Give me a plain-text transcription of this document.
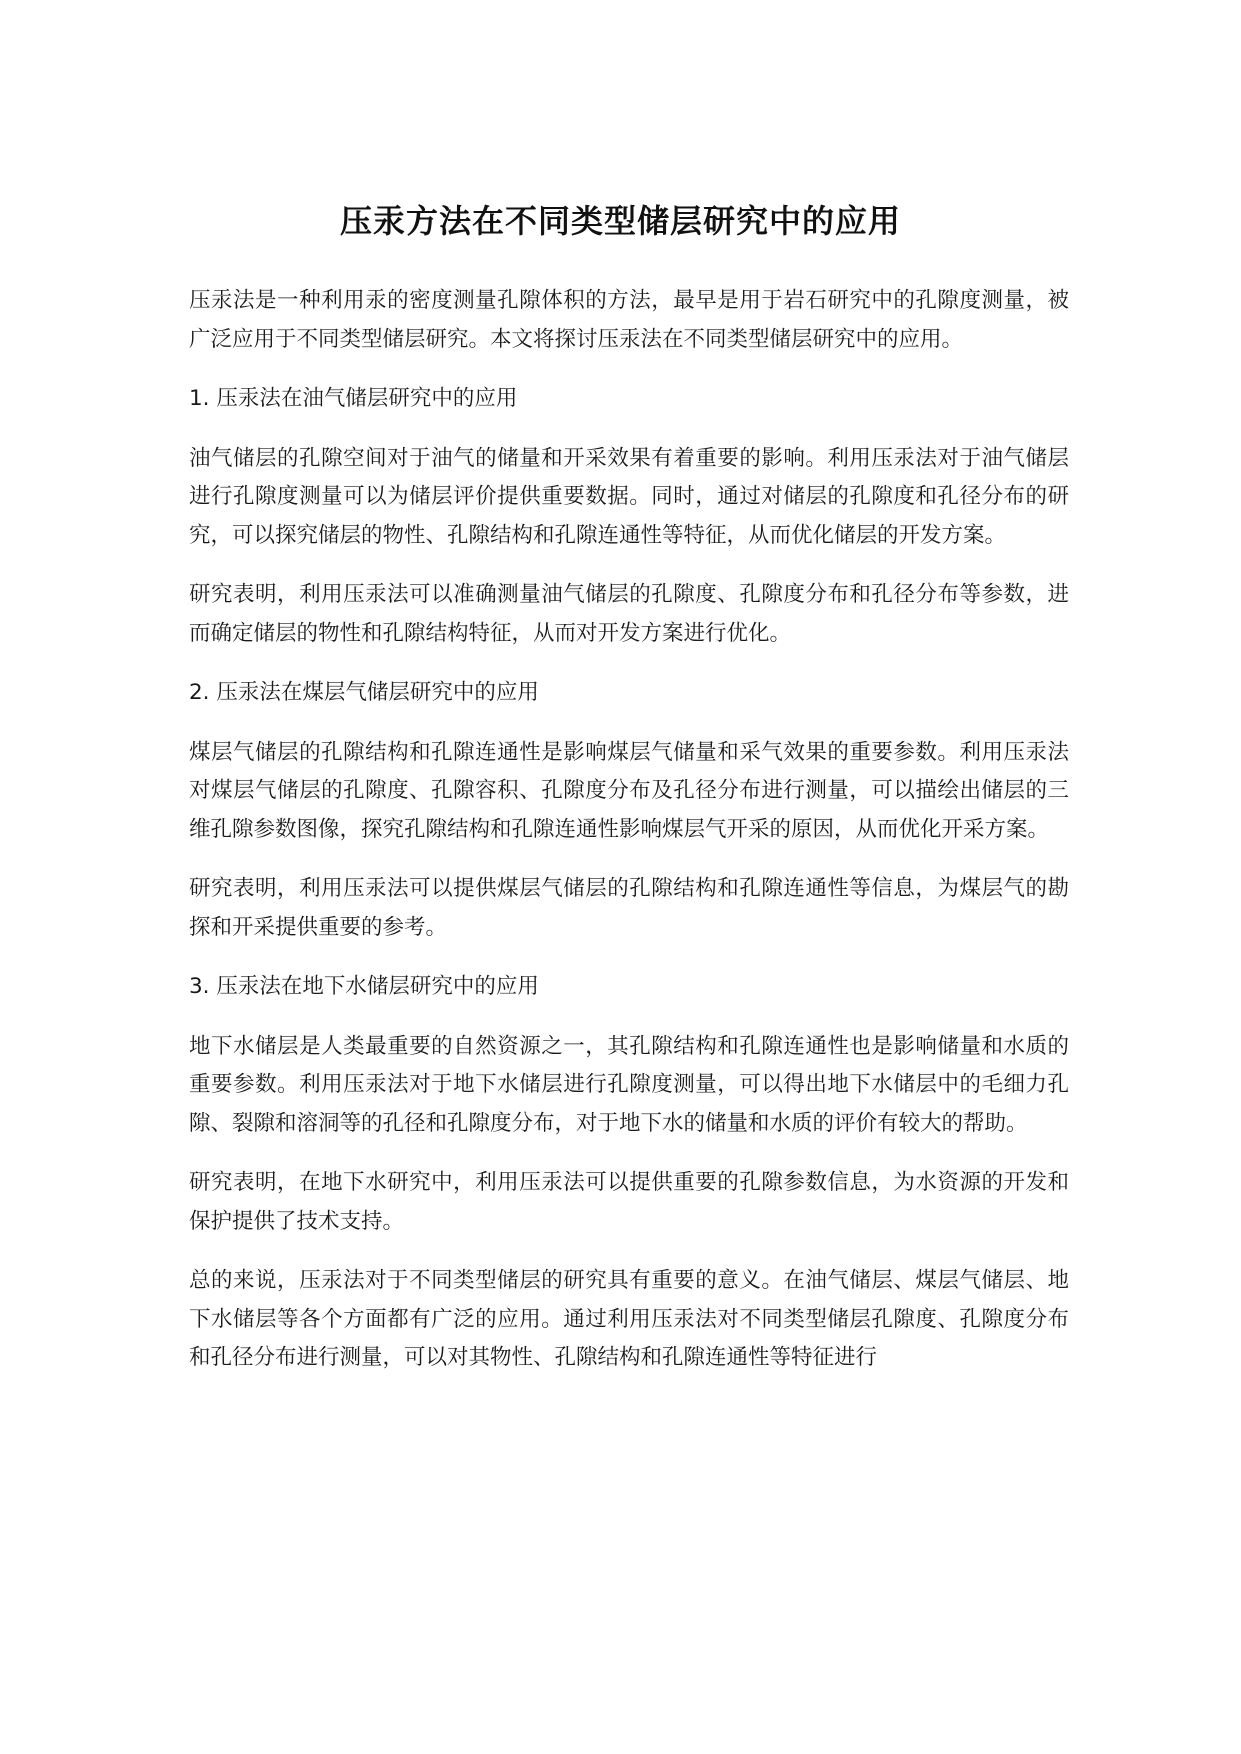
压汞方法在不同类型储层研究中的应用

压汞法是一种利用汞的密度测量孔隙体积的方法，最早是用于岩石研究中的孔隙度测量，被广泛应用于不同类型储层研究。本文将探讨压汞法在不同类型储层研究中的应用。

1. 压汞法在油气储层研究中的应用

油气储层的孔隙空间对于油气的储量和开采效果有着重要的影响。利用压汞法对于油气储层进行孔隙度测量可以为储层评价提供重要数据。同时，通过对储层的孔隙度和孔径分布的研究，可以探究储层的物性、孔隙结构和孔隙连通性等特征，从而优化储层的开发方案。

研究表明，利用压汞法可以准确测量油气储层的孔隙度、孔隙度分布和孔径分布等参数，进而确定储层的物性和孔隙结构特征，从而对开发方案进行优化。

2. 压汞法在煤层气储层研究中的应用

煤层气储层的孔隙结构和孔隙连通性是影响煤层气储量和采气效果的重要参数。利用压汞法对煤层气储层的孔隙度、孔隙容积、孔隙度分布及孔径分布进行测量，可以描绘出储层的三维孔隙参数图像，探究孔隙结构和孔隙连通性影响煤层气开采的原因，从而优化开采方案。

研究表明，利用压汞法可以提供煤层气储层的孔隙结构和孔隙连通性等信息，为煤层气的勘探和开采提供重要的参考。

3. 压汞法在地下水储层研究中的应用

地下水储层是人类最重要的自然资源之一，其孔隙结构和孔隙连通性也是影响储量和水质的重要参数。利用压汞法对于地下水储层进行孔隙度测量，可以得出地下水储层中的毛细力孔隙、裂隙和溶洞等的孔径和孔隙度分布，对于地下水的储量和水质的评价有较大的帮助。

研究表明，在地下水研究中，利用压汞法可以提供重要的孔隙参数信息，为水资源的开发和保护提供了技术支持。

总的来说，压汞法对于不同类型储层的研究具有重要的意义。在油气储层、煤层气储层、地下水储层等各个方面都有广泛的应用。通过利用压汞法对不同类型储层孔隙度、孔隙度分布和孔径分布进行测量，可以对其物性、孔隙结构和孔隙连通性等特征进行
